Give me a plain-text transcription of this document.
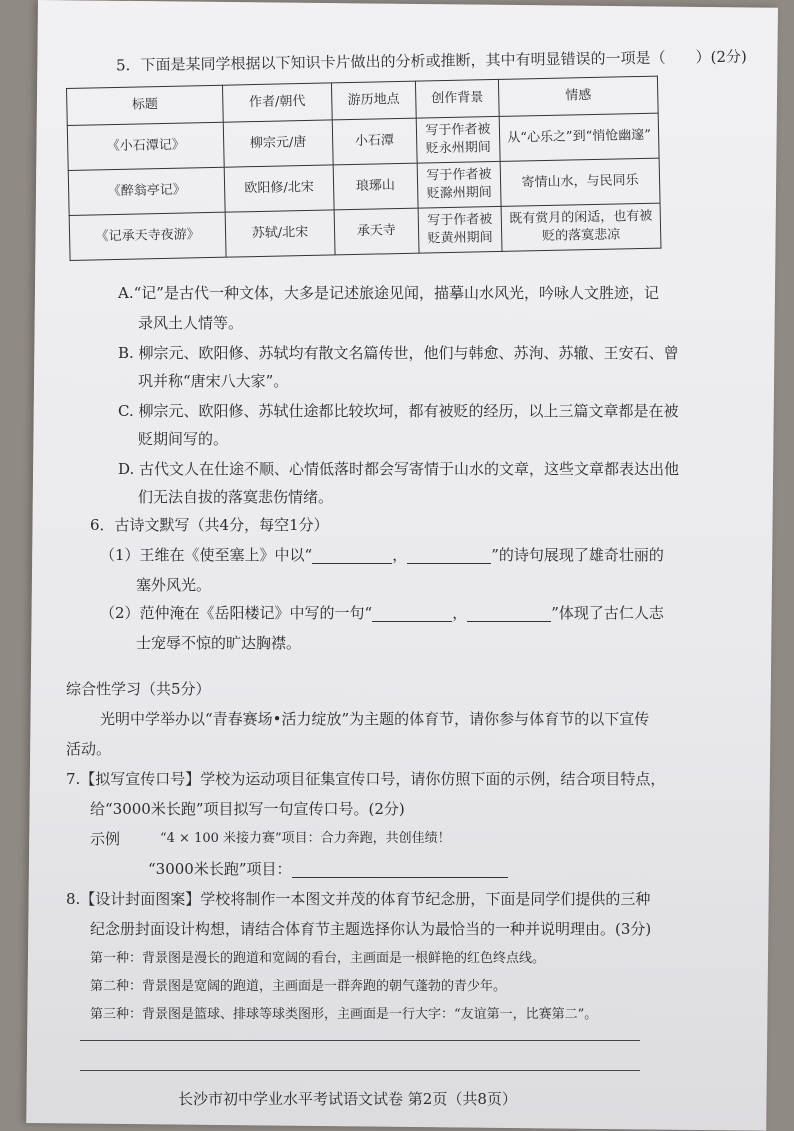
5．下面是某同学根据以下知识卡片做出的分析或推断，其中有明显错误的一项是（　　）(2分)
标题	作者/朝代	游历地点	创作背景	情感
《小石潭记》	柳宗元/唐	小石潭	写于作者被贬永州期间	从“心乐之”到“悄怆幽邃”
《醉翁亭记》	欧阳修/北宋	琅琊山	写于作者被贬滁州期间	寄情山水，与民同乐
《记承天寺夜游》	苏轼/北宋	承天寺	写于作者被贬黄州期间	既有赏月的闲适，也有被贬的落寞悲凉
A.“记”是古代一种文体，大多是记述旅途见闻，描摹山水风光，吟咏人文胜迹，记
录风土人情等。
B. 柳宗元、欧阳修、苏轼均有散文名篇传世，他们与韩愈、苏洵、苏辙、王安石、曾
巩并称“唐宋八大家”。
C. 柳宗元、欧阳修、苏轼仕途都比较坎坷，都有被贬的经历，以上三篇文章都是在被
贬期间写的。
D. 古代文人在仕途不顺、心情低落时都会写寄情于山水的文章，这些文章都表达出他
们无法自拔的落寞悲伤情绪。
6．古诗文默写（共4分，每空1分）
（1）王维在《使至塞上》中以“	，	”的诗句展现了雄奇壮丽的
塞外风光。
（2）范仲淹在《岳阳楼记》中写的一句“	，	”体现了古仁人志
士宠辱不惊的旷达胸襟。
综合性学习（共5分）
光明中学举办以“青春赛场•活力绽放”为主题的体育节，请你参与体育节的以下宣传
活动。
7.【拟写宣传口号】学校为运动项目征集宣传口号，请你仿照下面的示例，结合项目特点，
给“3000米长跑”项目拟写一句宣传口号。(2分)
示例	“4 × 100 米接力赛”项目：合力奔跑，共创佳绩！
“3000米长跑”项目：
8.【设计封面图案】学校将制作一本图文并茂的体育节纪念册，下面是同学们提供的三种
纪念册封面设计构想，请结合体育节主题选择你认为最恰当的一种并说明理由。(3分)
第一种：背景图是漫长的跑道和宽阔的看台，主画面是一根鲜艳的红色终点线。
第二种：背景图是宽阔的跑道，主画面是一群奔跑的朝气蓬勃的青少年。
第三种：背景图是篮球、排球等球类图形，主画面是一行大字：“友谊第一，比赛第二”。
长沙市初中学业水平考试语文试卷 第2页（共8页）
